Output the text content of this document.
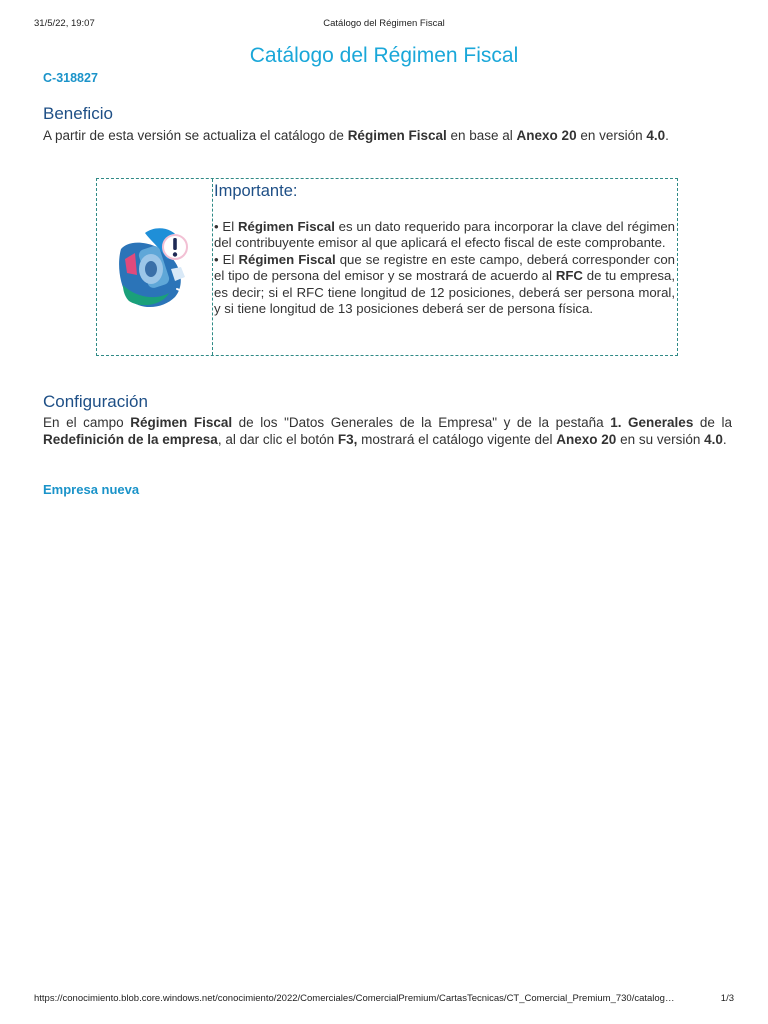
31/5/22, 19:07	Catálogo del Régimen Fiscal
Catálogo del Régimen Fiscal
C-318827
Beneficio

A partir de esta versión se actualiza el catálogo de Régimen Fiscal en base al Anexo 20 en versión 4.0.

Importante:

• El Régimen Fiscal es un dato requerido para incorporar la clave del régimen del contribuyente emisor al que aplicará el efecto fiscal de este comprobante.

• El Régimen Fiscal que se registre en este campo, deberá corresponder con el tipo de persona del emisor y se mostrará de acuerdo al RFC de tu empresa, es decir; si el RFC tiene longitud de 12 posiciones, deberá ser persona moral, y si tiene longitud de 13 posiciones deberá ser de persona física.

Configuración

En el campo Régimen Fiscal de los "Datos Generales de la Empresa" y de la pestaña 1. Generales de la Redefinición de la empresa, al dar clic el botón F3, mostrará el catálogo vigente del Anexo 20 en su versión 4.0.

Empresa nueva
https://conocimiento.blob.core.windows.net/conocimiento/2022/Comerciales/ComercialPremium/CartasTecnicas/CT_Comercial_Premium_730/catalog…	1/3
